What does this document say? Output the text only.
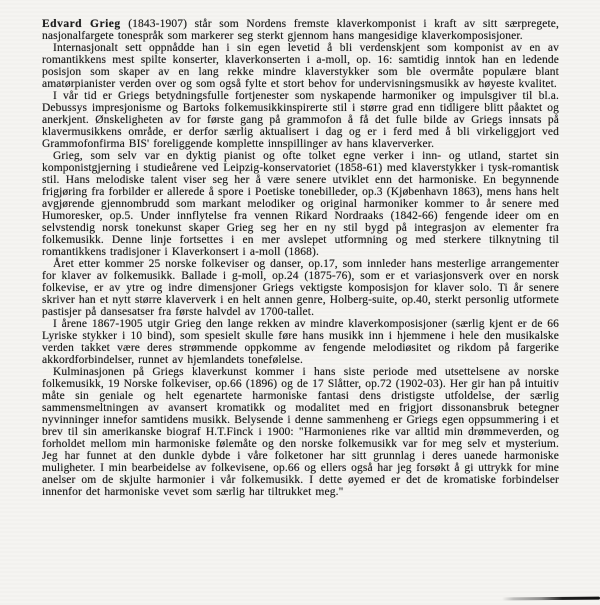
Edvard Grieg (1843-1907) står som Nordens fremste klaverkomponist i kraft av sitt særpregete, nasjonalfargete tonespråk som markerer seg sterkt gjennom hans mangesidige klaverkomposisjoner.

Internasjonalt sett oppnådde han i sin egen levetid å bli verdenskjent som komponist av en av romantikkens mest spilte konserter, klaverkonserten i a-moll, op. 16: samtidig inntok han en ledende posisjon som skaper av en lang rekke mindre klaverstykker som ble overmåte populære blant amatørpianister verden over og som også fylte et stort behov for undervisningsmusikk av høyeste kvalitet.

I vår tid er Griegs betydningsfulle fortjenester som nyskapende harmoniker og impulsgiver til bl.a. Debussys impresjonisme og Bartoks folkemusikkinspirerte stil i større grad enn tidligere blitt påaktet og anerkjent. Ønskeligheten av for første gang på grammofon å få det fulle bilde av Griegs innsats på klavermusikkens område, er derfor særlig aktualisert i dag og er i ferd med å bli virkeliggjort ved Grammofonfirma BIS' foreliggende komplette innspillinger av hans klaververker.

Grieg, som selv var en dyktig pianist og ofte tolket egne verker i inn- og utland, startet sin komponistgjerning i studieårene ved Leipzig-konservatoriet (1858-61) med klaverstykker i tysk-romantisk stil. Hans melodiske talent viser seg her å være senere utviklet enn det harmoniske. En begynnende frigjøring fra forbilder er allerede å spore i Poetiske tonebilleder, op.3 (Kjøbenhavn 1863), mens hans helt avgjørende gjennombrudd som markant melodiker og original harmoniker kommer to år senere med Humoresker, op.5. Under innflytelse fra vennen Rikard Nordraaks (1842-66) fengende ideer om en selvstendig norsk tonekunst skaper Grieg seg her en ny stil bygd på integrasjon av elementer fra folkemusikk. Denne linje fortsettes i en mer avslepet utformning og med sterkere tilknytning til romantikkens tradisjoner i Klaverkonsert i a-moll (1868).

Året etter kommer 25 norske folkeviser og danser, op.17, som innleder hans mesterlige arrangementer for klaver av folkemusikk. Ballade i g-moll, op.24 (1875-76), som er et variasjonsverk over en norsk folkevise, er av ytre og indre dimensjoner Griegs vektigste komposisjon for klaver solo. Ti år senere skriver han et nytt større klaververk i en helt annen genre, Holberg-suite, op.40, sterkt personlig utformete pastisjer på dansesatser fra første halvdel av 1700-tallet.

I årene 1867-1905 utgir Grieg den lange rekken av mindre klaverkomposisjoner (særlig kjent er de 66 Lyriske stykker i 10 bind), som spesielt skulle føre hans musikk inn i hjemmene i hele den musikalske verden takket være deres strømmende oppkomme av fengende melodiøsitet og rikdom på fargerike akkordforbindelser, runnet av hjemlandets tonefølelse.

Kulminasjonen på Griegs klaverkunst kommer i hans siste periode med utsettelsene av norske folkemusikk, 19 Norske folkeviser, op.66 (1896) og de 17 Slåtter, op.72 (1902-03). Her gir han på intuitiv måte sin geniale og helt egenartete harmoniske fantasi dens dristigste utfoldelse, der særlig sammensmeltningen av avansert kromatikk og modalitet med en frigjort dissonansbruk betegner nyvinninger innefor samtidens musikk. Belysende i denne sammenheng er Griegs egen oppsummering i et brev til sin amerikanske biograf H.T.Finck i 1900: "Harmonienes rike var alltid min drømmeverden, og forholdet mellom min harmoniske følemåte og den norske folkemusikk var for meg selv et mysterium. Jeg har funnet at den dunkle dybde i våre folketoner har sitt grunnlag i deres uanede harmoniske muligheter. I min bearbeidelse av folkevisene, op.66 og ellers også har jeg forsøkt å gi uttrykk for mine anelser om de skjulte harmonier i vår folkemusikk. I dette øyemed er det de kromatiske forbindelser innenfor det harmoniske vevet som særlig har tiltrukket meg."
